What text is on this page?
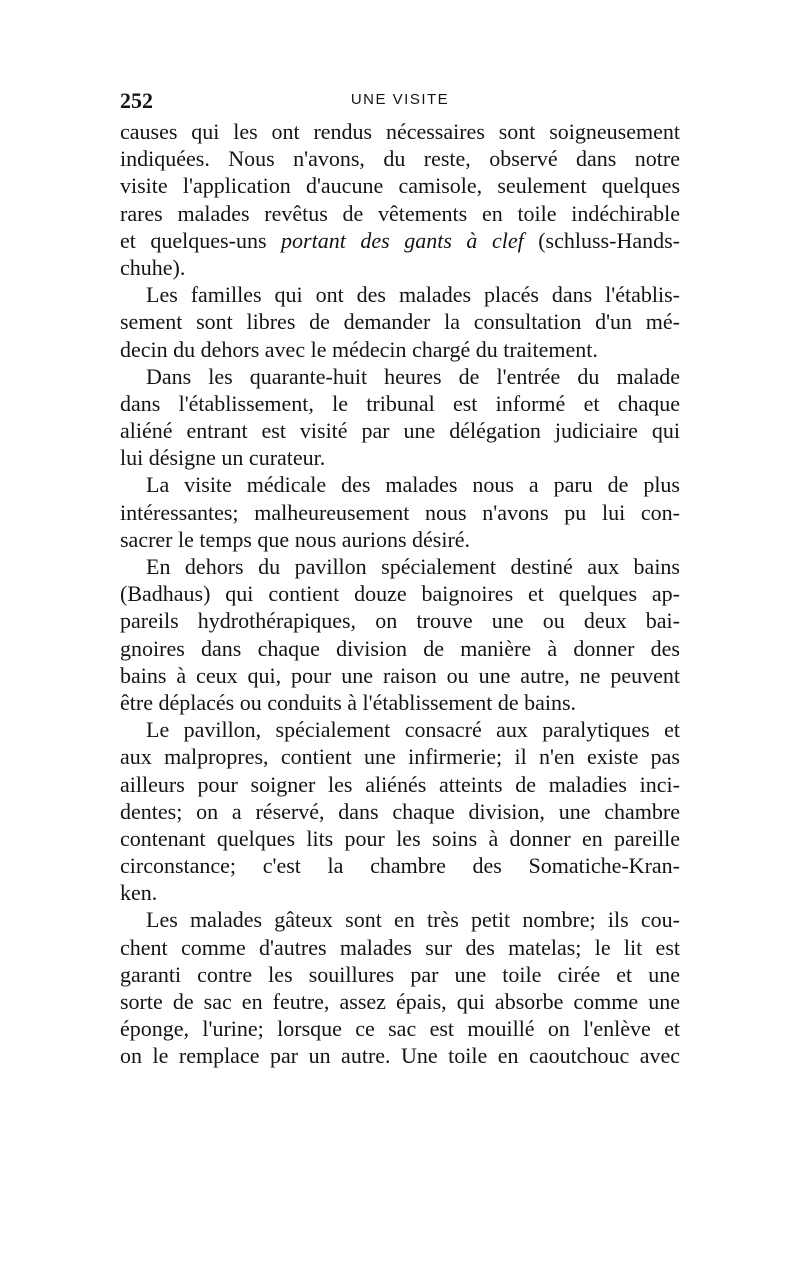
252	UNE VISITE
causes qui les ont rendus nécessaires sont soigneusement
indiquées. Nous n'avons, du reste, observé dans notre
visite l'application d'aucune camisole, seulement quelques
rares malades revêtus de vêtements en toile indéchirable
et quelques-uns portant des gants à clef (schluss-Hands-
chuhe).
Les familles qui ont des malades placés dans l'établis-
sement sont libres de demander la consultation d'un mé-
decin du dehors avec le médecin chargé du traitement.
Dans les quarante-huit heures de l'entrée du malade
dans l'établissement, le tribunal est informé et chaque
aliéné entrant est visité par une délégation judiciaire qui
lui désigne un curateur.
La visite médicale des malades nous a paru de plus
intéressantes; malheureusement nous n'avons pu lui con-
sacrer le temps que nous aurions désiré.
En dehors du pavillon spécialement destiné aux bains
(Badhaus) qui contient douze baignoires et quelques ap-
pareils hydrothérapiques, on trouve une ou deux bai-
gnoires dans chaque division de manière à donner des
bains à ceux qui, pour une raison ou une autre, ne peuvent
être déplacés ou conduits à l'établissement de bains.
Le pavillon, spécialement consacré aux paralytiques et
aux malpropres, contient une infirmerie; il n'en existe pas
ailleurs pour soigner les aliénés atteints de maladies inci-
dentes; on a réservé, dans chaque division, une chambre
contenant quelques lits pour les soins à donner en pareille
circonstance; c'est la chambre des Somatiche-Kran-
ken.
Les malades gâteux sont en très petit nombre; ils cou-
chent comme d'autres malades sur des matelas; le lit est
garanti contre les souillures par une toile cirée et une
sorte de sac en feutre, assez épais, qui absorbe comme une
éponge, l'urine; lorsque ce sac est mouillé on l'enlève et
on le remplace par un autre. Une toile en caoutchouc avec
